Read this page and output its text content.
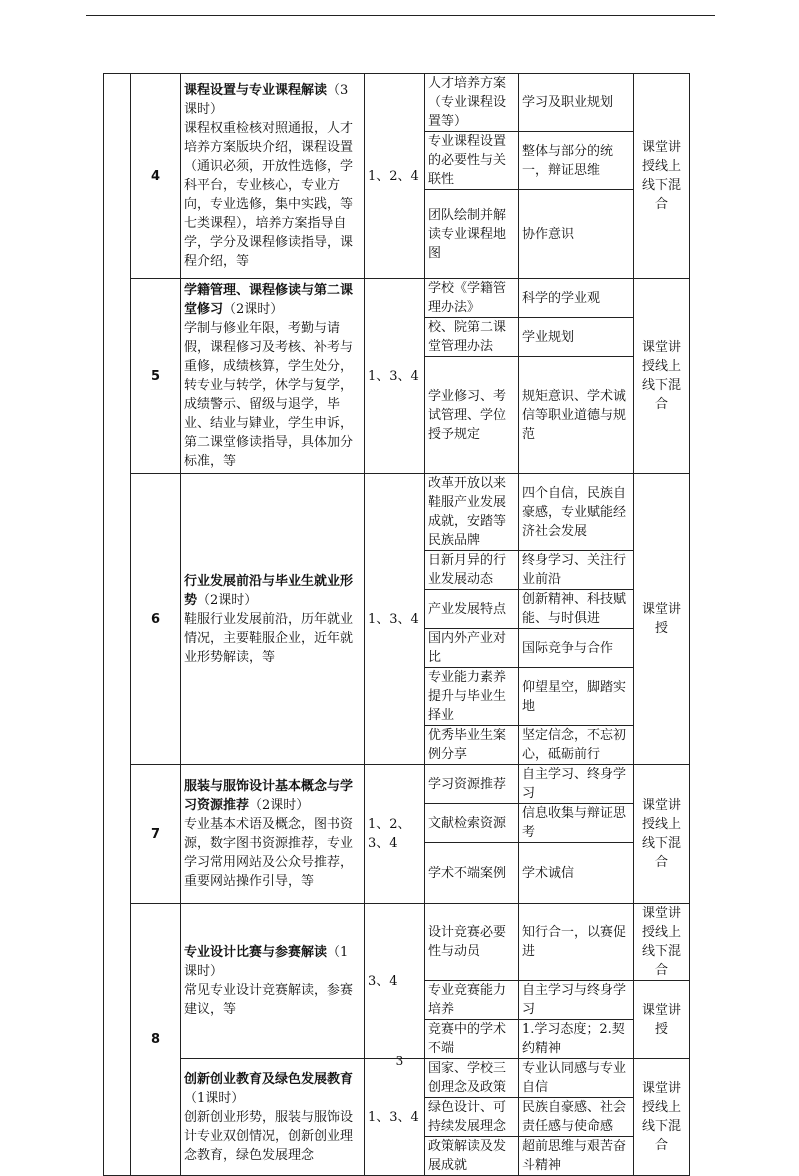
	4	课程设置与专业课程解读（3课时）
课程权重检核对照通报，人才培养方案版块介绍，课程设置（通识必须，开放性选修，学科平台，专业核心，专业方向，专业选修，集中实践，等七类课程），培养方案指导自学，学分及课程修读指导，课程介绍，等	1、2、4	人才培养方案（专业课程设置等）	学习及职业规划	课堂讲授线上线下混合
				专业课程设置的必要性与关联性	整体与部分的统一，辩证思维	
				团队绘制并解读专业课程地图	协作意识	
	5	学籍管理、课程修读与第二课堂修习（2课时）
学制与修业年限，考勤与请假，课程修习及考核、补考与重修，成绩核算，学生处分，转专业与转学，休学与复学，成绩警示、留级与退学，毕业、结业与肄业，学生申诉，第二课堂修读指导，具体加分标准，等	1、3、4	学校《学籍管理办法》	科学的学业观	课堂讲授线上线下混合
				校、院第二课堂管理办法	学业规划	
				学业修习、考试管理、学位授予规定	规矩意识、学术诚信等职业道德与规范	
	6	行业发展前沿与毕业生就业形势（2课时）
鞋服行业发展前沿，历年就业情况，主要鞋服企业，近年就业形势解读，等	1、3、4	改革开放以来鞋服产业发展成就，安踏等民族品牌	四个自信，民族自豪感，专业赋能经济社会发展	课堂讲授
				日新月异的行业发展动态	终身学习、关注行业前沿	
				产业发展特点	创新精神、科技赋能、与时俱进	
				国内外产业对比	国际竞争与合作	
				专业能力素养提升与毕业生择业	仰望星空，脚踏实地	
				优秀毕业生案例分享	坚定信念，不忘初心，砥砺前行	
	7	服装与服饰设计基本概念与学习资源推荐（2课时）
专业基本术语及概念，图书资源，数字图书资源推荐，专业学习常用网站及公众号推荐，重要网站操作引导，等	1、2、3、4	学习资源推荐	自主学习、终身学习	课堂讲授线上线下混合
				文献检索资源	信息收集与辩证思考	
				学术不端案例	学术诚信	
	8	专业设计比赛与参赛解读（1课时）
常见专业设计竞赛解读，参赛建议，等	3、4	设计竞赛必要性与动员	知行合一，以赛促进	课堂讲授线上线下混合
				专业竞赛能力培养	自主学习与终身学习	课堂讲授
				竞赛中的学术不端	1.学习态度；2.契约精神	
		创新创业教育及绿色发展教育（1课时）
创新创业形势，服装与服饰设计专业双创情况，创新创业理念教育，绿色发展理念	1、3、4	国家、学校三创理念及政策	专业认同感与专业自信	课堂讲授线上线下混合
				绿色设计、可持续发展理念	民族自豪感、社会责任感与使命感	
				政策解读及发展成就	超前思维与艰苦奋斗精神	
3
